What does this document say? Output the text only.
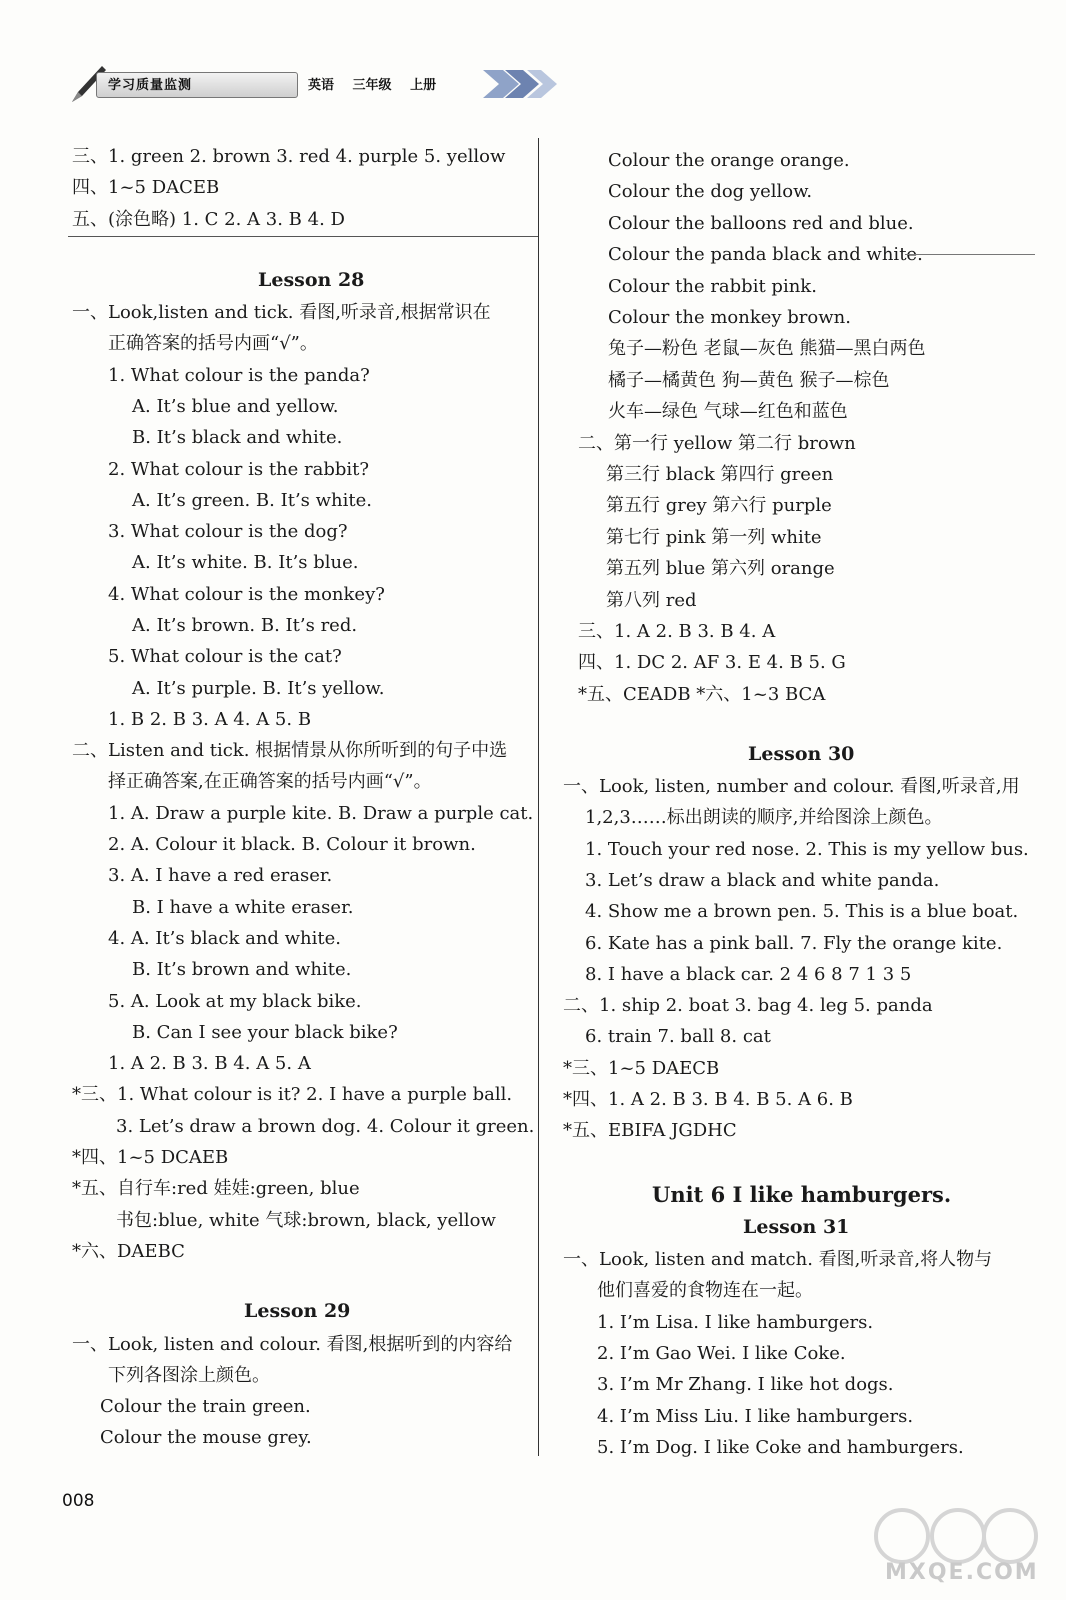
学习质量监测	英语 三年级 上册
三、1. green 2. brown 3. red 4. purple 5. yellow
四、1~5 DACEB
五、(涂色略) 1. C 2. A 3. B 4. D
Lesson 28
一、Look,listen and tick. 看图,听录音,根据常识在
正确答案的括号内画“√”。
1. What colour is the panda?
A. It’s blue and yellow.
B. It’s black and white.
2. What colour is the rabbit?
A. It’s green. B. It’s white.
3. What colour is the dog?
A. It’s white. B. It’s blue.
4. What colour is the monkey?
A. It’s brown. B. It’s red.
5. What colour is the cat?
A. It’s purple. B. It’s yellow.
1. B 2. B 3. A 4. A 5. B
二、Listen and tick. 根据情景从你所听到的句子中选
择正确答案,在正确答案的括号内画“√”。
1. A. Draw a purple kite. B. Draw a purple cat.
2. A. Colour it black. B. Colour it brown.
3. A. I have a red eraser.
B. I have a white eraser.
4. A. It’s black and white.
B. It’s brown and white.
5. A. Look at my black bike.
B. Can I see your black bike?
1. A 2. B 3. B 4. A 5. A
*三、1. What colour is it? 2. I have a purple ball.
3. Let’s draw a brown dog. 4. Colour it green.
*四、1~5 DCAEB
*五、自行车:red 娃娃:green, blue
书包:blue, white 气球:brown, black, yellow
*六、DAEBC
Lesson 29
一、Look, listen and colour. 看图,根据听到的内容给
下列各图涂上颜色。
Colour the train green.
Colour the mouse grey.
Colour the orange orange.
Colour the dog yellow.
Colour the balloons red and blue.
Colour the panda black and white.
Colour the rabbit pink.
Colour the monkey brown.
兔子—粉色 老鼠—灰色 熊猫—黑白两色
橘子—橘黄色 狗—黄色 猴子—棕色
火车—绿色 气球—红色和蓝色
二、第一行 yellow 第二行 brown
第三行 black 第四行 green
第五行 grey 第六行 purple
第七行 pink 第一列 white
第五列 blue 第六列 orange
第八列 red
三、1. A 2. B 3. B 4. A
四、1. DC 2. AF 3. E 4. B 5. G
*五、CEADB *六、1~3 BCA
Lesson 30
一、Look, listen, number and colour. 看图,听录音,用
1,2,3……标出朗读的顺序,并给图涂上颜色。
1. Touch your red nose. 2. This is my yellow bus.
3. Let’s draw a black and white panda.
4. Show me a brown pen. 5. This is a blue boat.
6. Kate has a pink ball. 7. Fly the orange kite.
8. I have a black car. 2 4 6 8 7 1 3 5
二、1. ship 2. boat 3. bag 4. leg 5. panda
6. train 7. ball 8. cat
*三、1~5 DAECB
*四、1. A 2. B 3. B 4. B 5. A 6. B
*五、EBIFA JGDHC
Unit 6 I like hamburgers.
Lesson 31
一、Look, listen and match. 看图,听录音,将人物与
他们喜爱的食物连在一起。
1. I’m Lisa. I like hamburgers.
2. I’m Gao Wei. I like Coke.
3. I’m Mr Zhang. I like hot dogs.
4. I’m Miss Liu. I like hamburgers.
5. I’m Dog. I like Coke and hamburgers.
008
MXQE.COM
